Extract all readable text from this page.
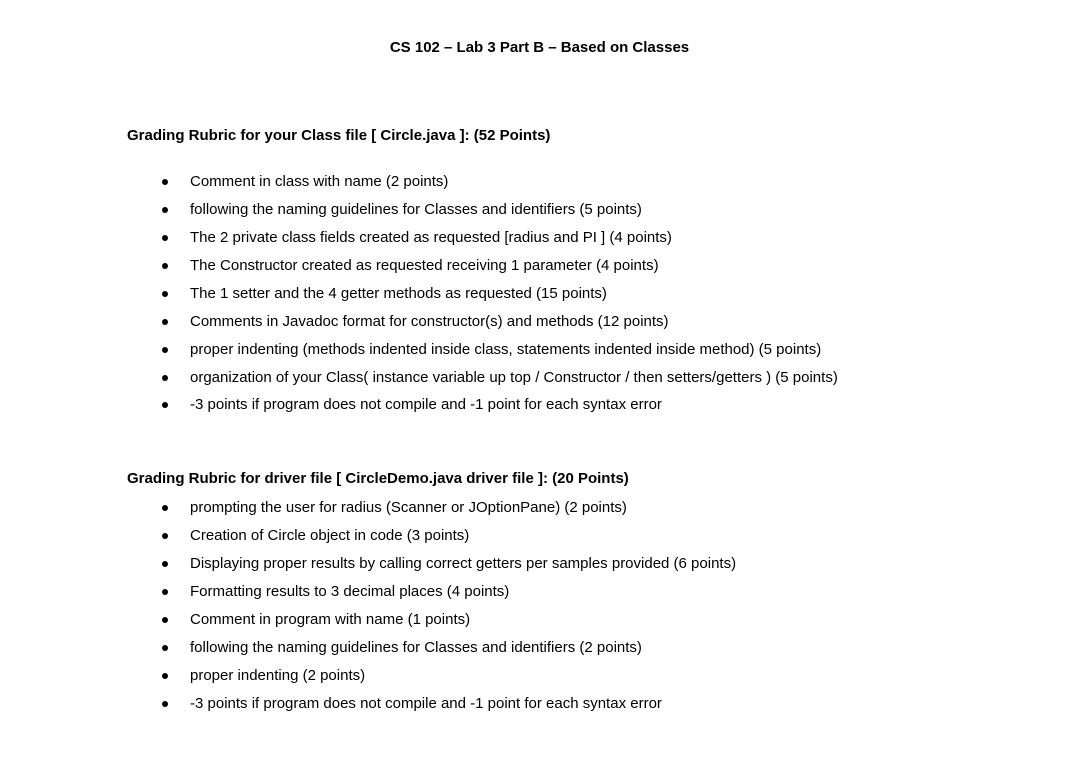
CS 102 – Lab 3 Part B – Based on Classes
Grading Rubric for your Class file [ Circle.java ]: (52 Points)
Comment in class with name (2 points)
following the naming guidelines for Classes and identifiers (5 points)
The 2 private class fields created as requested [radius and PI ] (4 points)
The Constructor created as requested receiving 1 parameter (4 points)
The 1 setter and the 4 getter methods as requested (15 points)
Comments in Javadoc format for constructor(s) and methods (12 points)
proper indenting (methods indented inside class, statements indented inside method) (5 points)
organization of your Class( instance variable up top / Constructor / then setters/getters ) (5 points)
-3 points if program does not compile and -1 point for each syntax error
Grading Rubric for driver file [ CircleDemo.java driver file ]: (20 Points)
prompting the user for radius (Scanner or JOptionPane) (2 points)
Creation of Circle object in code (3 points)
Displaying proper results by calling correct getters per samples provided (6 points)
Formatting results to 3 decimal places (4 points)
Comment in program with name (1 points)
following the naming guidelines for Classes and identifiers (2 points)
proper indenting (2 points)
-3 points if program does not compile and -1 point for each syntax error
